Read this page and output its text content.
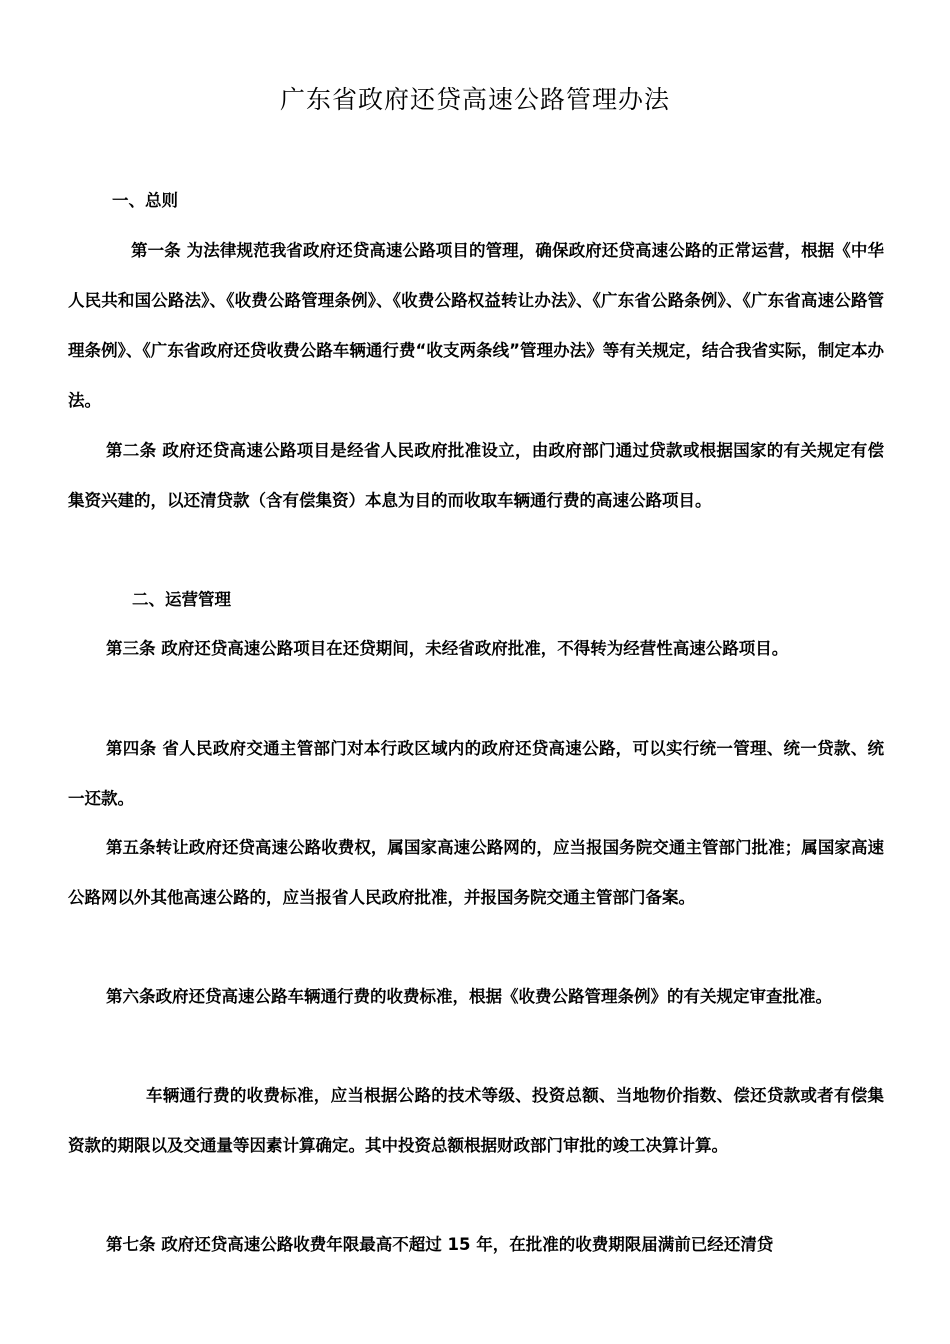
广东省政府还贷高速公路管理办法
一、总则
第一条 为法律规范我省政府还贷高速公路项目的管理，确保政府还贷高速公路的正常运营，根据《中华人民共和国公路法》、《收费公路管理条例》、《收费公路权益转让办法》、《广东省公路条例》、《广东省高速公路管理条例》、《广东省政府还贷收费公路车辆通行费“收支两条线”管理办法》等有关规定，结合我省实际，制定本办法。
第二条 政府还贷高速公路项目是经省人民政府批准设立，由政府部门通过贷款或根据国家的有关规定有偿集资兴建的，以还清贷款（含有偿集资）本息为目的而收取车辆通行费的高速公路项目。
二、运营管理
第三条 政府还贷高速公路项目在还贷期间，未经省政府批准，不得转为经营性高速公路项目。
第四条 省人民政府交通主管部门对本行政区域内的政府还贷高速公路，可以实行统一管理、统一贷款、统一还款。
第五条转让政府还贷高速公路收费权，属国家高速公路网的，应当报国务院交通主管部门批准；属国家高速公路网以外其他高速公路的，应当报省人民政府批准，并报国务院交通主管部门备案。
第六条政府还贷高速公路车辆通行费的收费标准，根据《收费公路管理条例》的有关规定审查批准。
车辆通行费的收费标准，应当根据公路的技术等级、投资总额、当地物价指数、偿还贷款或者有偿集资款的期限以及交通量等因素计算确定。其中投资总额根据财政部门审批的竣工决算计算。
第七条 政府还贷高速公路收费年限最高不超过 15 年，在批准的收费期限届满前已经还清贷
